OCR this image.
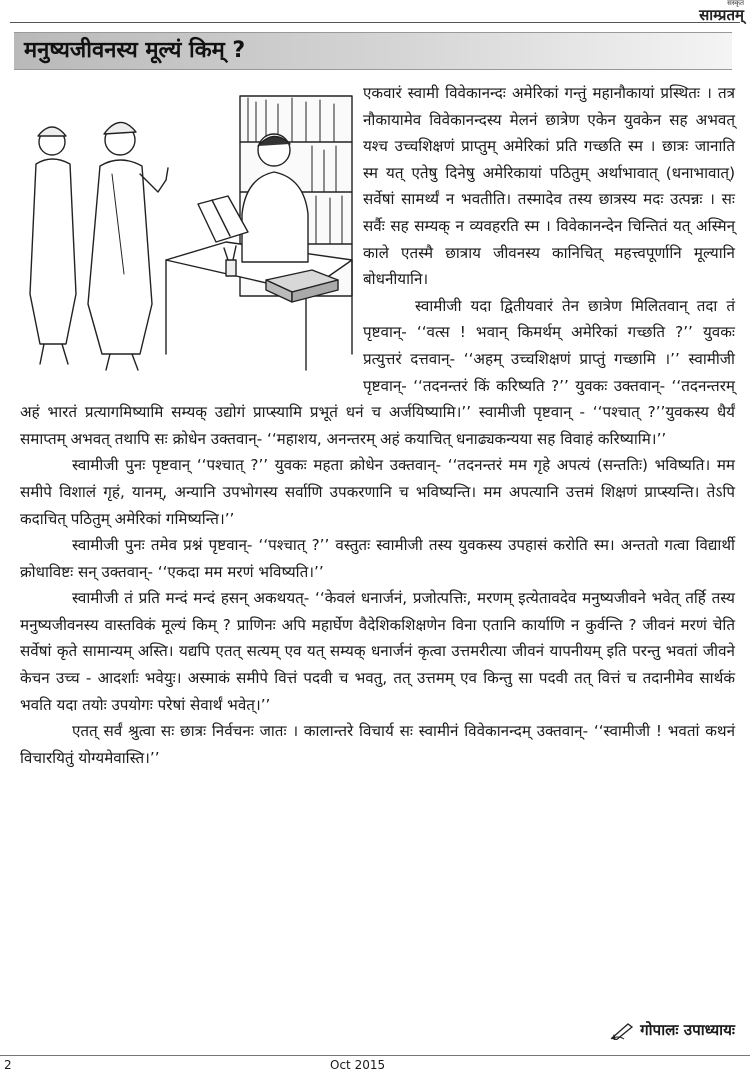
संस्कृत
साम्प्रतम्
मनुष्यजीवनस्य मूल्यं किम् ?

एकवारं स्वामी विवेकानन्दः अमेरिकां गन्तुं महानौकायां प्रस्थितः । तत्र नौकायामेव विवेकानन्दस्य मेलनं छात्रेण एकेन युवकेन सह अभवत् यश्च उच्चशिक्षणं प्राप्तुम् अमेरिकां प्रति गच्छति स्म । छात्रः जानाति स्म यत् एतेषु दिनेषु अमेरिकायां पठितुम् अर्थाभावात् (धनाभावात्) सर्वेषां सामर्थ्यं न भवतीति। तस्मादेव तस्य छात्रस्य मदः उत्पन्नः । सः सर्वैः सह सम्यक् न व्यवहरति स्म । विवेकानन्देन चिन्तितं यत् अस्मिन् काले एतस्मै छात्राय जीवनस्य कानिचित् महत्त्वपूर्णानि मूल्यानि बोधनीयानि।

स्वामीजी यदा द्वितीयवारं तेन छात्रेण मिलितवान् तदा तं पृष्टवान्- ‘‘वत्स ! भवान् किमर्थम् अमेरिकां गच्छति ?’’ युवकः प्रत्युत्तरं दत्तवान्- ‘‘अहम् उच्चशिक्षणं प्राप्तुं गच्छामि ।’’ स्वामीजी पृष्टवान्- ‘‘तदनन्तरं किं करिष्यति ?’’ युवकः उक्तवान्- ‘‘तदनन्तरम् अहं भारतं प्रत्यागमिष्यामि सम्यक् उद्योगं प्राप्स्यामि प्रभूतं धनं च अर्जयिष्यामि।’’ स्वामीजी पृष्टवान् - ‘‘पश्चात् ?’’युवकस्य धैर्यं समाप्तम् अभवत् तथापि सः क्रोधेन उक्तवान्- ‘‘महाशय, अनन्तरम् अहं कयाचित् धनाढ्यकन्यया सह विवाहं करिष्यामि।’’

स्वामीजी पुनः पृष्टवान् ‘‘पश्चात् ?’’ युवकः महता क्रोधेन उक्तवान्- ‘‘तदनन्तरं मम गृहे अपत्यं (सन्ततिः) भविष्यति। मम समीपे विशालं गृहं, यानम्, अन्यानि उपभोगस्य सर्वाणि उपकरणानि च भविष्यन्ति। मम अपत्यानि उत्तमं शिक्षणं प्राप्स्यन्ति। तेऽपि कदाचित् पठितुम् अमेरिकां गमिष्यन्ति।’’

स्वामीजी पुनः तमेव प्रश्नं पृष्टवान्- ‘‘पश्चात् ?’’ वस्तुतः स्वामीजी तस्य युवकस्य उपहासं करोति स्म। अन्ततो गत्वा विद्यार्थी क्रोधाविष्टः सन् उक्तवान्- ‘‘एकदा मम मरणं भविष्यति।’’

स्वामीजी तं प्रति मन्दं मन्दं हसन् अकथयत्- ‘‘केवलं धनार्जनं, प्रजोत्पत्तिः, मरणम् इत्येतावदेव मनुष्यजीवने भवेत् तर्हि तस्य मनुष्यजीवनस्य वास्तविकं मूल्यं किम् ? प्राणिनः अपि महार्घेण वैदेशिकशिक्षणेन विना एतानि कार्याणि न कुर्वन्ति ? जीवनं मरणं चेति सर्वेषां कृते सामान्यम् अस्ति। यद्यपि एतत् सत्यम् एव यत् सम्यक् धनार्जनं कृत्वा उत्तमरीत्या जीवनं यापनीयम् इति परन्तु भवतां जीवने केचन उच्च - आदर्शाः भवेयुः। अस्माकं समीपे वित्तं पदवी च भवतु, तत् उत्तमम् एव किन्तु सा पदवी तत् वित्तं च तदानीमेव सार्थकं भवति यदा तयोः उपयोगः परेषां सेवार्थं भवेत्।’’

एतत् सर्वं श्रुत्वा सः छात्रः निर्वचनः जातः । कालान्तरे विचार्य सः स्वामीनं विवेकानन्दम् उक्तवान्- ‘‘स्वामीजी ! भवतां कथनं विचारयितुं योग्यमेवास्ति।’’

गोपालः उपाध्यायः
2	Oct 2015
